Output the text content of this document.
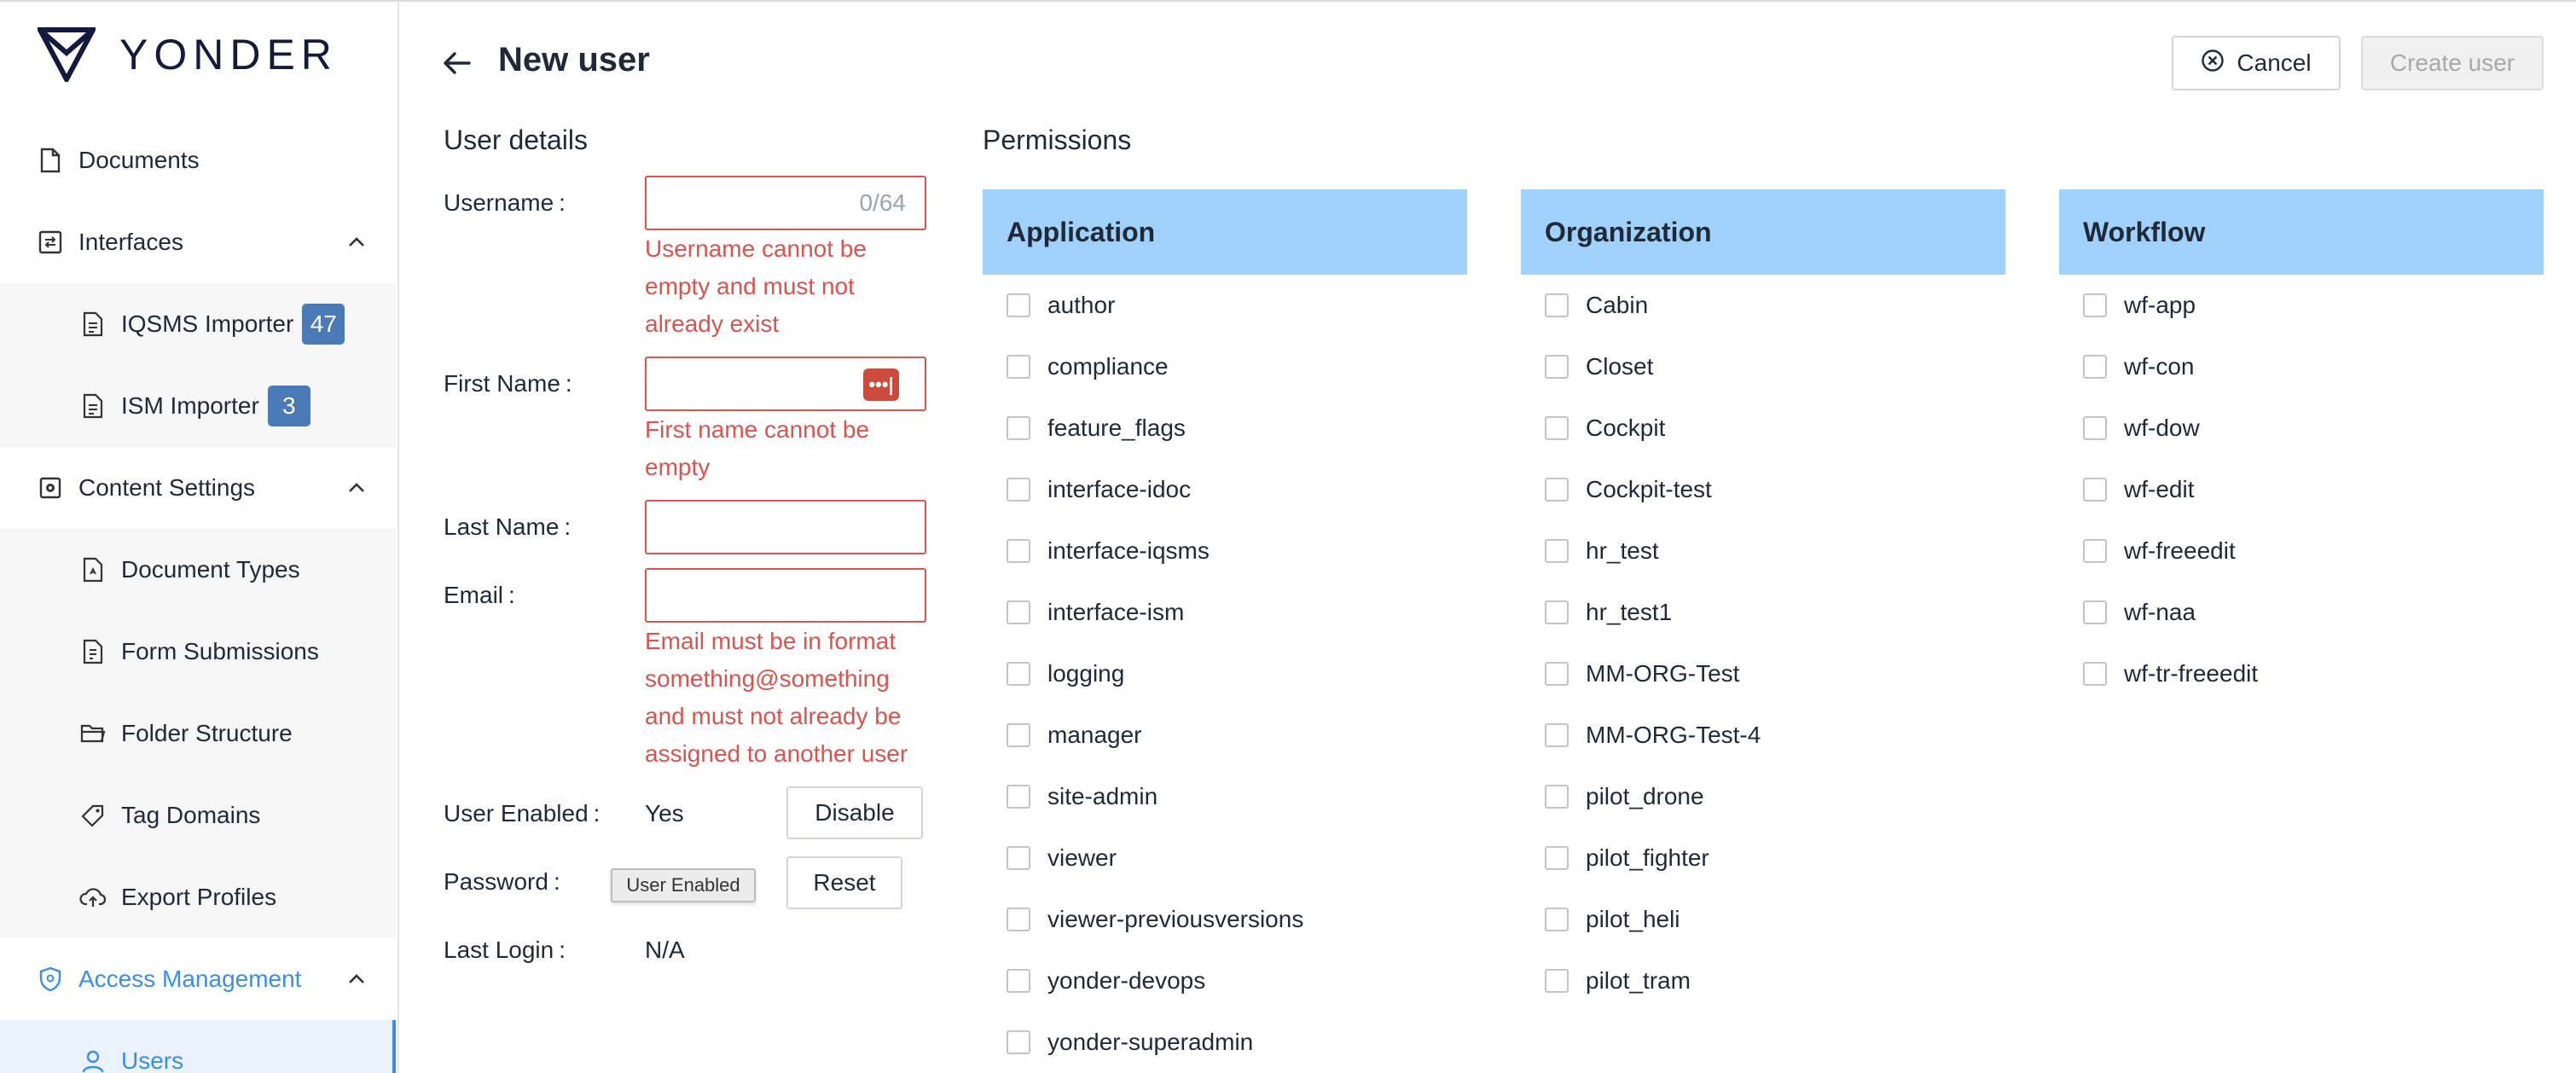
YONDER
Documents
Interfaces
IQSMS Importer 47
ISM Importer 3
Content Settings
Document Types
Form Submissions
Folder Structure
Tag Domains
Export Profiles
Access Management
Users
New user	Cancel	Create user
User details
Username :	0/64
Username cannot be
empty and must not
already exist
First Name :	•••|
First name cannot be
empty
Last Name :
Email :
Email must be in format
something@something
and must not already be
assigned to another user
User Enabled : Yes	Disable
Password :	Reset
User Enabled
Last Login :	N/A
Permissions
Application
author
compliance
feature_flags
interface-idoc
interface-iqsms
interface-ism
logging
manager
site-admin
viewer
viewer-previousversions
yonder-devops
yonder-superadmin
Organization
Cabin
Closet
Cockpit
Cockpit-test
hr_test
hr_test1
MM-ORG-Test
MM-ORG-Test-4
pilot_drone
pilot_fighter
pilot_heli
pilot_tram
Workflow
wf-app
wf-con
wf-dow
wf-edit
wf-freeedit
wf-naa
wf-tr-freeedit
